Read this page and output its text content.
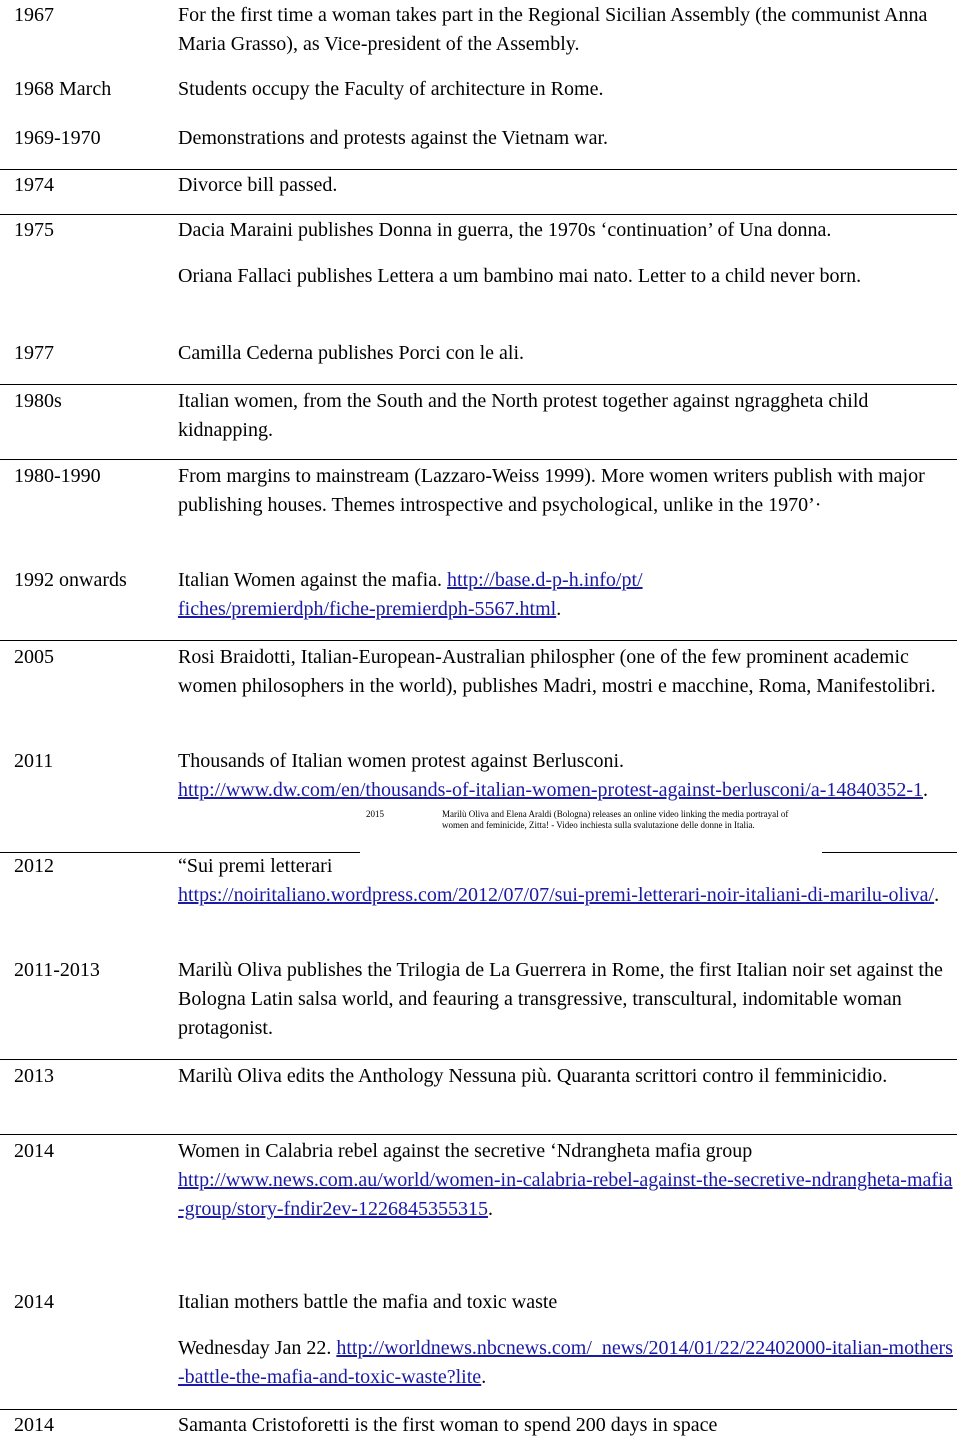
1967	For the first time a woman takes part in the Regional Sicilian Assembly (the communist Anna Maria Grasso), as Vice-president of the Assembly.
1968 March	Students occupy the Faculty of architecture in Rome.
1969-1970	Demonstrations and protests against the Vietnam war.
1974	Divorce bill passed.
1975	Dacia Maraini publishes Donna in guerra, the 1970s ‘continuation’ of Una donna.
Oriana Fallaci publishes Lettera a um bambino mai nato. Letter to a child never born.
1977	Camilla Cederna publishes Porci con le ali.
1980s	Italian women, from the South and the North protest together against ngraggheta child kidnapping.
1980-1990	From margins to mainstream (Lazzaro-Weiss 1999). More women writers publish with major publishing houses. Themes introspective and psychological, unlike in the 1970’·
1992 onwards	Italian Women against the mafia. http://base.d-p-h.info/pt/fiches/premierdph/fiche-premierdph-5567.html.
2005	Rosi Braidotti, Italian-European-Australian philospher (one of the few prominent academic women philosophers in the world), publishes Madri, mostri e macchine, Roma, Manifestolibri.
2011	Thousands of Italian women protest against Berlusconi.

http://www.dw.com/en/thousands-of-italian-women-protest-against-berlusconi/a-14840352-1.

2015	Marilù Oliva and Elena Araldi (Bologna) releases an online video linking the media portrayal of women and feminicide, Zitta! - Video inchiesta sulla svalutazione delle donne in Italia.
2012	“Sui premi letterari

https://noiritaliano.wordpress.com/2012/07/07/sui-premi-letterari-noir-italiani-di-marilu-oliva/.

2011-2013	Marilù Oliva publishes the Trilogia de La Guerrera in Rome, the first Italian noir set against the Bologna Latin salsa world, and feauring a transgressive, transcultural, indomitable woman protagonist.
2013	Marilù Oliva edits the Anthology Nessuna più. Quaranta scrittori contro il femminicidio.
2014	Women in Calabria rebel against the secretive ‘Ndrangheta mafia group

http://www.news.com.au/world/women-in-calabria-rebel-against-the-secretive-ndrangheta-mafia-group/story-fndir2ev-1226845355315.

2014	Italian mothers battle the mafia and toxic waste
Wednesday Jan 22. http://worldnews.nbcnews.com/_news/2014/01/22/22402000-italian-mothers-battle-the-mafia-and-toxic-waste?lite.
2014	Samanta Cristoforetti is the first woman to spend 200 days in space
